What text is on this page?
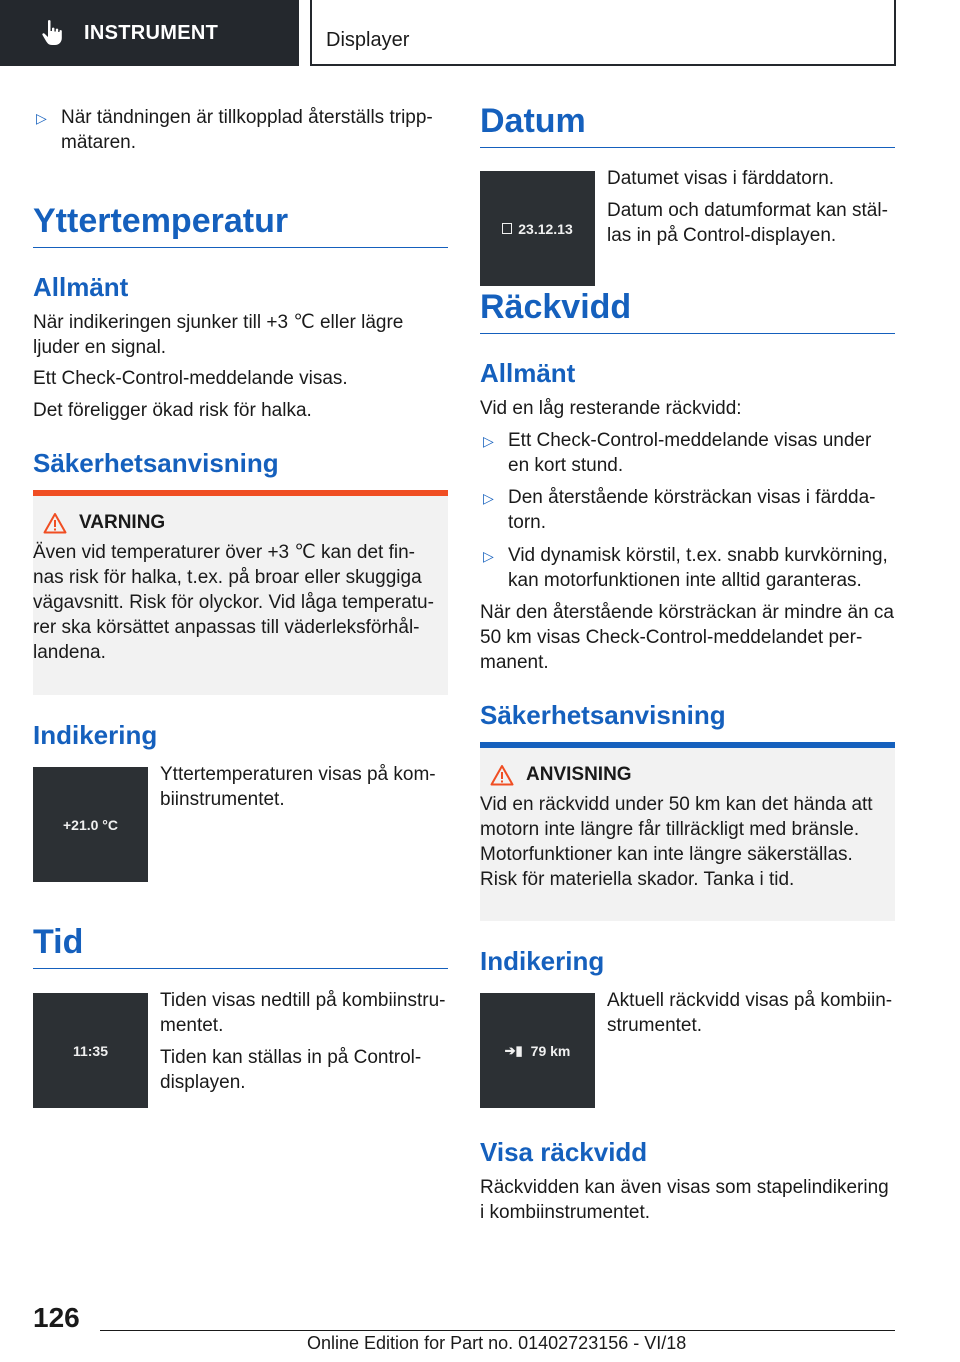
INSTRUMENT	Displayer
▷ När tändningen är tillkopplad återställs tripp‐mätaren.
Yttertemperatur
Allmänt
När indikeringen sjunker till +3 ℃ eller lägre ljuder en signal.
Ett Check-Control-meddelande visas.
Det föreligger ökad risk för halka.
Säkerhetsanvisning
VARNING
Även vid temperaturer över +3 ℃ kan det fin‐nas risk för halka, t.ex. på broar eller skuggiga vägavsnitt. Risk för olyckor. Vid låga temperatu‐rer ska körsättet anpassas till väderleksförhål‐landena.
Indikering
+21.0 °C
Yttertemperaturen visas på kom‐biinstrumentet.
Tid
11:35
Tiden visas nedtill på kombiinstru‐mentet.
Tiden kan ställas in på Control-displayen.
Datum
23.12.13
Datumet visas i färddatorn.
Datum och datumformat kan stäl‐las in på Control-displayen.
Räckvidd
Allmänt
Vid en låg resterande räckvidd:
▷ Ett Check-Control-meddelande visas under en kort stund.
▷ Den återstående körsträckan visas i färdda‐torn.
▷ Vid dynamisk körstil, t.ex. snabb kurvkörning, kan motorfunktionen inte alltid garanteras.
När den återstående körsträckan är mindre än ca 50 km visas Check-Control-meddelandet per‐manent.
Säkerhetsanvisning
ANVISNING
Vid en räckvidd under 50 km kan det hända att motorn inte längre får tillräckligt med bränsle. Motorfunktioner kan inte längre säkerställas. Risk för materiella skador. Tanka i tid.
Indikering
➔▮ 79 km
Aktuell räckvidd visas på kombiin‐strumentet.
Visa räckvidd
Räckvidden kan även visas som stapelindikering i kombiinstrumentet.
126
Online Edition for Part no. 01402723156 - VI/18
